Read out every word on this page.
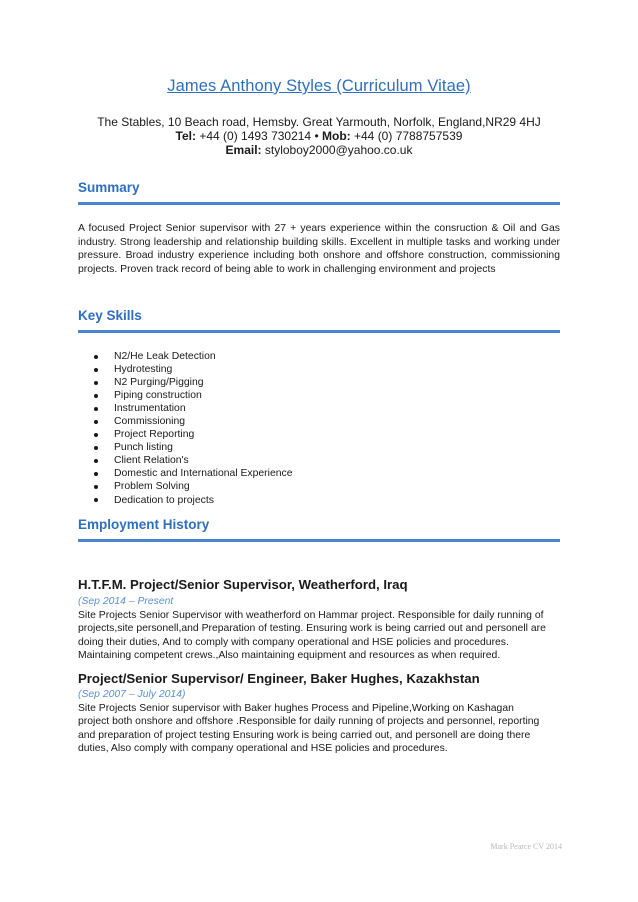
James Anthony Styles (Curriculum Vitae)
The Stables, 10 Beach road, Hemsby. Great Yarmouth, Norfolk, England,NR29 4HJ
Tel: +44 (0) 1493 730214 • Mob: +44 (0) 7788757539
Email: styloboy2000@yahoo.co.uk
Summary
A focused Project Senior supervisor with 27 + years experience within the consruction & Oil and Gas industry. Strong leadership and relationship building skills. Excellent in multiple tasks and working under pressure. Broad industry experience including both onshore and offshore construction, commissioning projects. Proven track record of being able to work in challenging environment and projects
Key Skills
N2/He Leak Detection
Hydrotesting
N2 Purging/Pigging
Piping construction
Instrumentation
Commissioning
Project Reporting
Punch listing
Client Relation's
Domestic and International Experience
Problem Solving
Dedication to projects
Employment History
H.T.F.M. Project/Senior Supervisor, Weatherford, Iraq
(Sep 2014 – Present
Site Projects Senior Supervisor with weatherford on Hammar project. Responsible for daily running of
projects,site personell,and Preparation of testing. Ensuring work is being carried out and personell are
doing their duties, And to comply with company operational and HSE policies and procedures.
Maintaining competent crews.,Also maintaining equipment and resources as when required.
Project/Senior Supervisor/ Engineer, Baker Hughes, Kazakhstan
(Sep 2007 – July 2014)
Site Projects Senior supervisor with Baker hughes Process and Pipeline,Working on Kashagan
project both onshore and offshore .Responsible for daily running of projects and personnel, reporting
and preparation of project testing Ensuring work is being carried out, and personell are doing there
duties, Also comply with company operational and HSE policies and procedures.
Mark Pearce CV 2014
